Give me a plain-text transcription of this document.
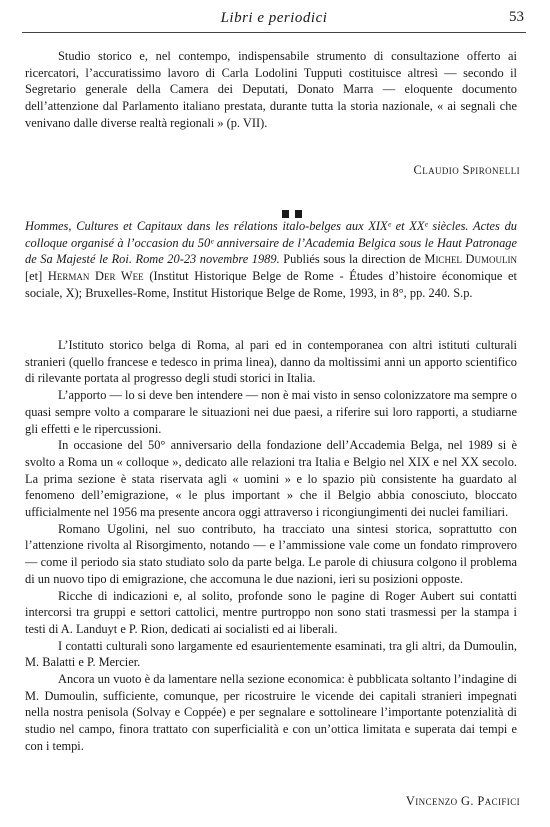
Libri e periodici	53

Studio storico e, nel contempo, indispensabile strumento di consultazione offerto ai ricercatori, l’accuratissimo lavoro di Carla Lodolini Tupputi costituisce altresì — secondo il Segretario generale della Camera dei Deputati, Donato Marra — eloquente documento dell’attenzione dal Parlamento italiano prestata, durante tutta la storia nazionale, « ai segnali che venivano dalle diverse realtà regionali » (p. VII).

Claudio Spironelli
Hommes, Cultures et Capitaux dans les rélations italo-belges aux XIXᵉ et XXᵉ siècles. Actes du colloque organisé à l’occasion du 50ᵉ anniversaire de l’Academia Belgica sous le Haut Patronage de Sa Majesté le Roi. Rome 20-23 novembre 1989. Publiés sous la direction de Michel Dumoulin [et] Herman Der Wee (Institut Historique Belge de Rome - Études d’histoire économique et sociale, X); Bruxelles-Rome, Institut Historique Belge de Rome, 1993, in 8°, pp. 240. S.p.

L’Istituto storico belga di Roma, al pari ed in contemporanea con altri istituti culturali stranieri (quello francese e tedesco in prima linea), danno da moltissimi anni un apporto scientifico di rilevante portata al progresso degli studi storici in Italia.

L’apporto — lo si deve ben intendere — non è mai visto in senso colonizzatore ma sempre o quasi sempre volto a comparare le situazioni nei due paesi, a riferire sui loro rapporti, a studiarne gli effetti e le ripercussioni.

In occasione del 50° anniversario della fondazione dell’Accademia Belga, nel 1989 si è svolto a Roma un « colloque », dedicato alle relazioni tra Italia e Belgio nel XIX e nel XX secolo. La prima sezione è stata riservata agli « uomini » e lo spazio più consistente ha guardato al fenomeno dell’emigrazione, « le plus important » che il Belgio abbia conosciuto, bloccato ufficialmente nel 1956 ma presente ancora oggi attraverso i ricongiungimenti dei nuclei familiari.

Romano Ugolini, nel suo contributo, ha tracciato una sintesi storica, soprattutto con l’attenzione rivolta al Risorgimento, notando — e l’ammissione vale come un fondato rimprovero — come il periodo sia stato studiato solo da parte belga. Le parole di chiusura colgono il problema di un nuovo tipo di emigrazione, che accomuna le due nazioni, ieri su posizioni opposte.

Ricche di indicazioni e, al solito, profonde sono le pagine di Roger Aubert sui contatti intercorsi tra gruppi e settori cattolici, mentre purtroppo non sono stati trasmessi per la stampa i testi di A. Landuyt e P. Rion, dedicati ai socialisti ed ai liberali.

I contatti culturali sono largamente ed esaurientemente esaminati, tra gli altri, da Dumoulin, M. Balatti e P. Mercier.

Ancora un vuoto è da lamentare nella sezione economica: è pubblicata soltanto l’indagine di M. Dumoulin, sufficiente, comunque, per ricostruire le vicende dei capitali stranieri impegnati nella nostra penisola (Solvay e Coppée) e per segnalare e sottolineare l’importante potenzialità di studio nel campo, finora trattato con superficialità e con un’ottica limitata e superata dai tempi e con i tempi.

Vincenzo G. Pacifici
